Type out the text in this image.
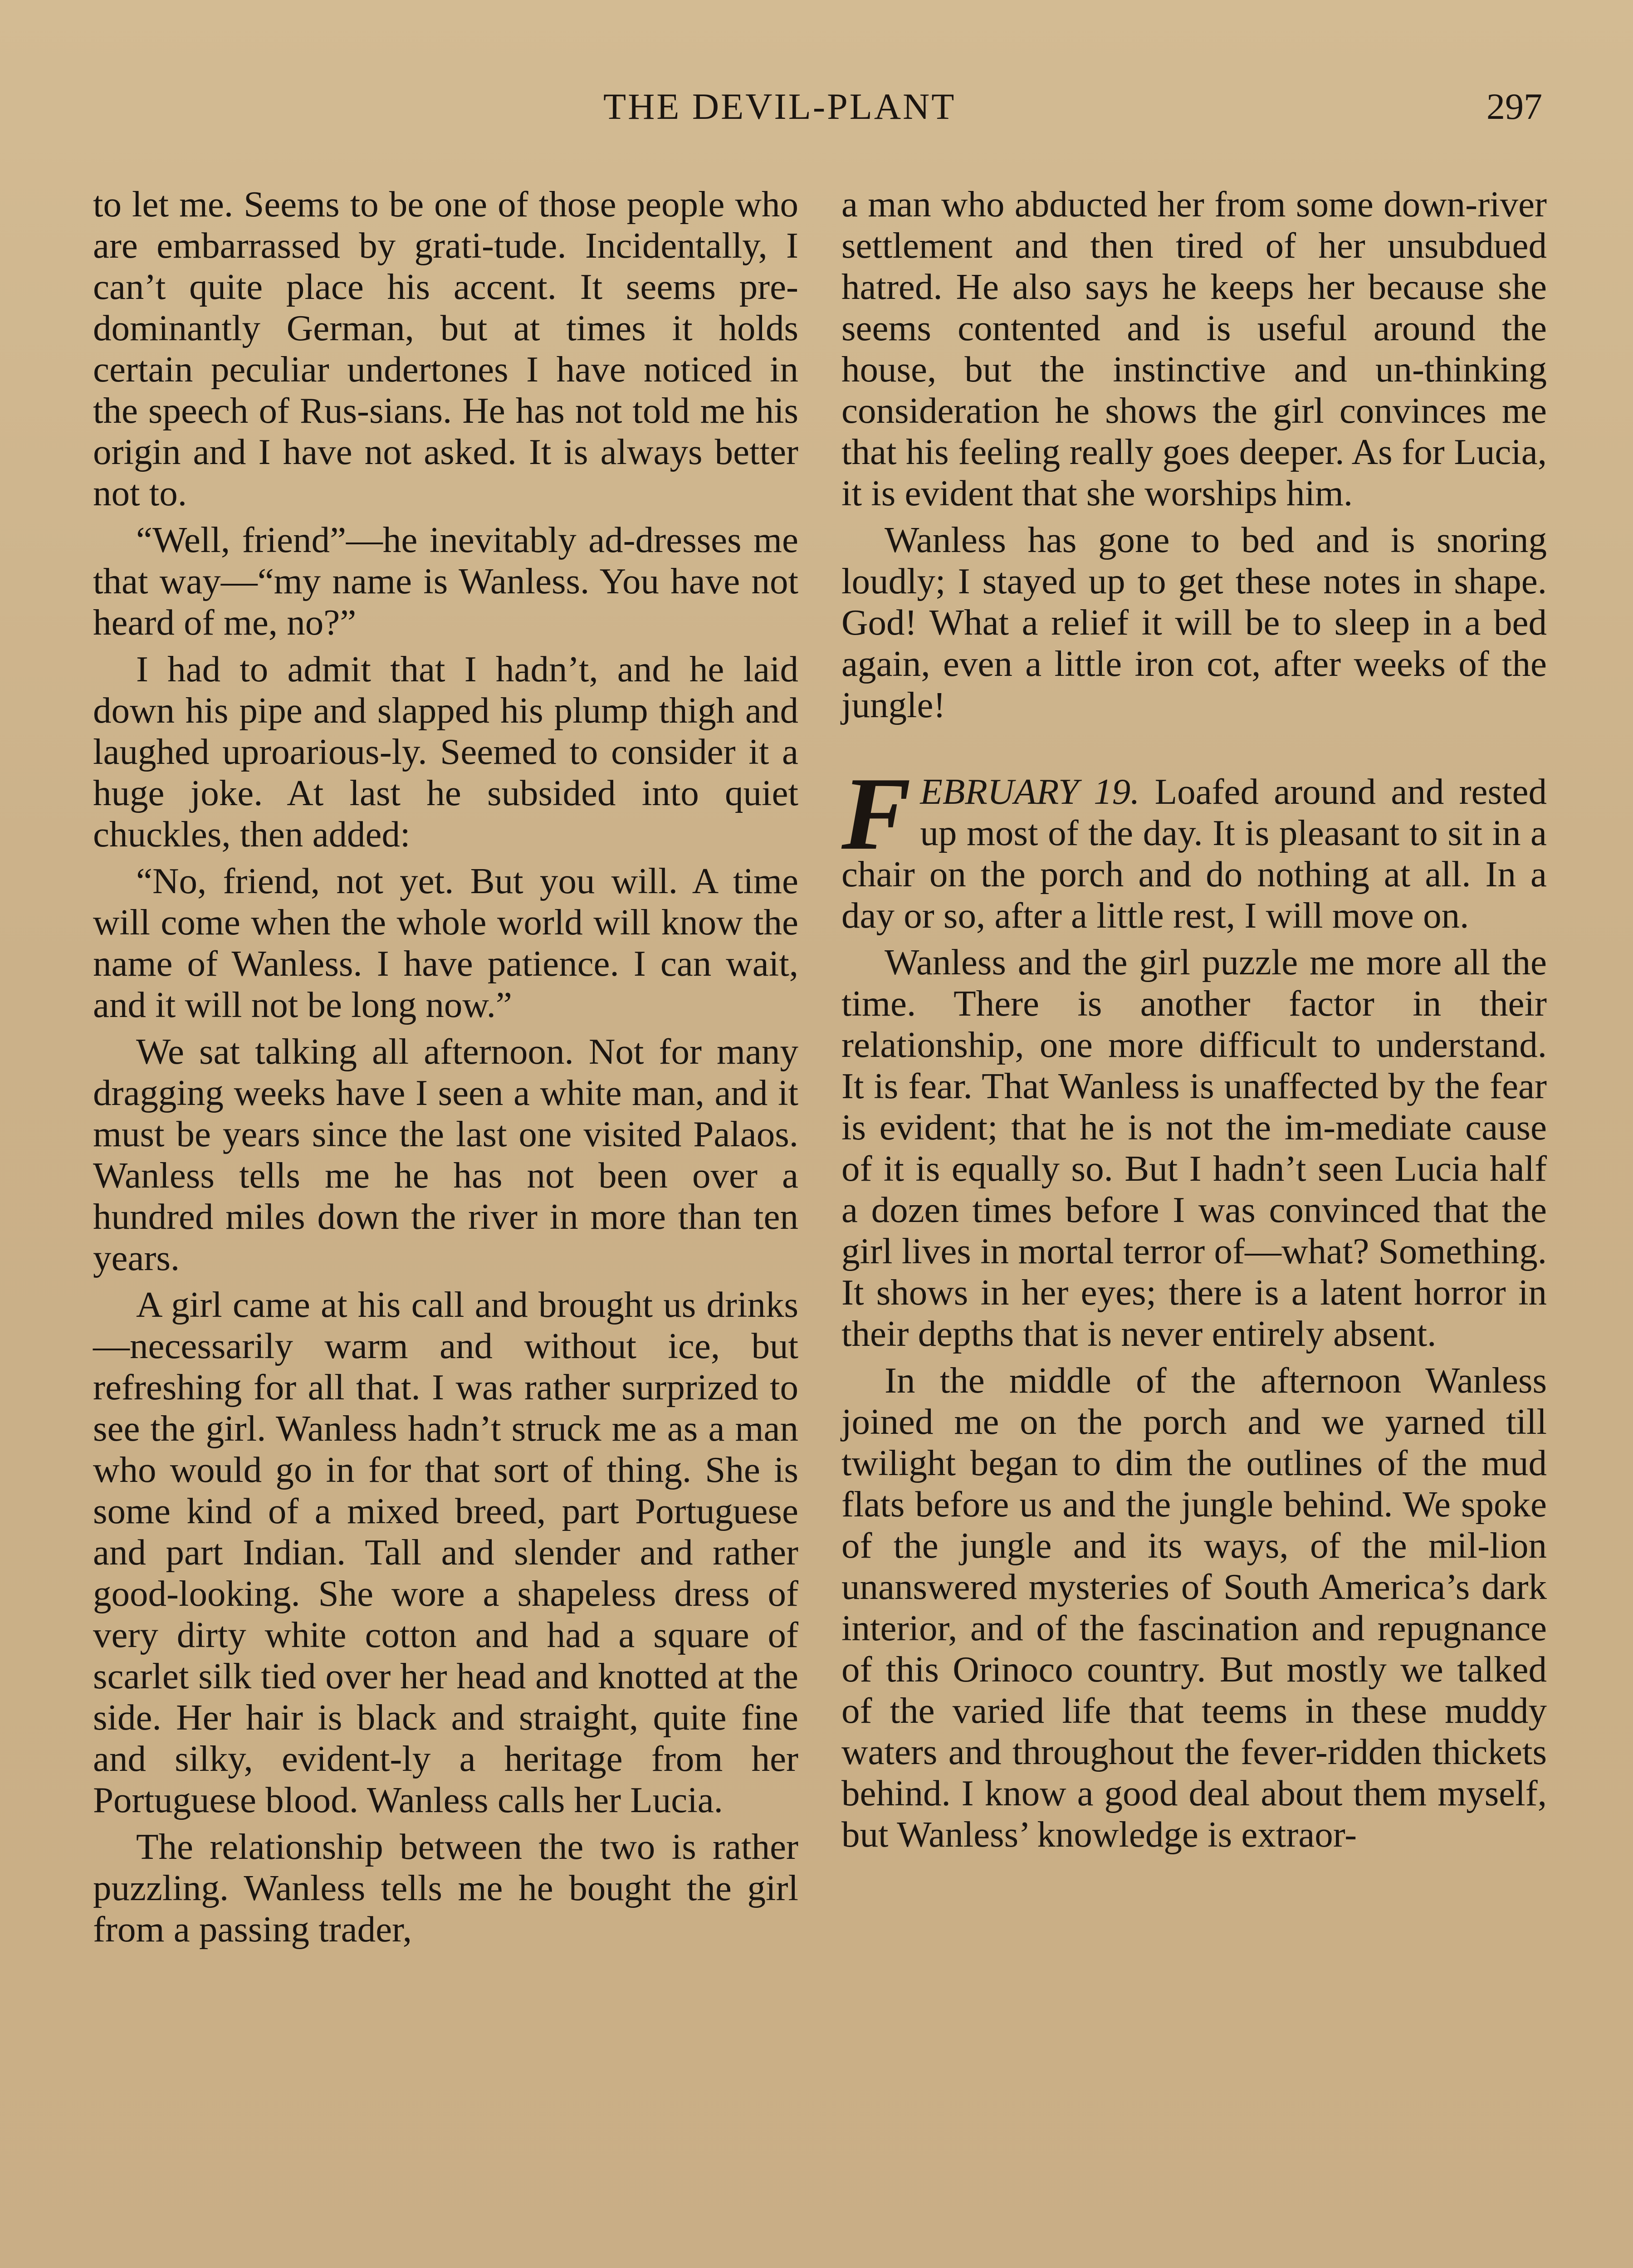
THE DEVIL-PLANT	297

to let me. Seems to be one of those people who are embarrassed by grati-tude. Incidentally, I can’t quite place his accent. It seems pre-dominantly German, but at times it holds certain peculiar undertones I have noticed in the speech of Rus-sians. He has not told me his origin and I have not asked. It is always better not to.

“Well, friend”—he inevitably ad-dresses me that way—“my name is Wanless. You have not heard of me, no?”

I had to admit that I hadn’t, and he laid down his pipe and slapped his plump thigh and laughed uproarious-ly. Seemed to consider it a huge joke. At last he subsided into quiet chuckles, then added:

“No, friend, not yet. But you will. A time will come when the whole world will know the name of Wanless. I have patience. I can wait, and it will not be long now.”

We sat talking all afternoon. Not for many dragging weeks have I seen a white man, and it must be years since the last one visited Palaos. Wanless tells me he has not been over a hundred miles down the river in more than ten years.

A girl came at his call and brought us drinks—necessarily warm and without ice, but refreshing for all that. I was rather surprized to see the girl. Wanless hadn’t struck me as a man who would go in for that sort of thing. She is some kind of a mixed breed, part Portuguese and part Indian. Tall and slender and rather good-looking. She wore a shapeless dress of very dirty white cotton and had a square of scarlet silk tied over her head and knotted at the side. Her hair is black and straight, quite fine and silky, evident-ly a heritage from her Portuguese blood. Wanless calls her Lucia.

The relationship between the two is rather puzzling. Wanless tells me he bought the girl from a passing trader,

a man who abducted her from some down-river settlement and then tired of her unsubdued hatred. He also says he keeps her because she seems contented and is useful around the house, but the instinctive and un-thinking consideration he shows the girl convinces me that his feeling really goes deeper. As for Lucia, it is evident that she worships him.

Wanless has gone to bed and is snoring loudly; I stayed up to get these notes in shape. God! What a relief it will be to sleep in a bed again, even a little iron cot, after weeks of the jungle!

FEBRUARY 19. Loafed around and rested up most of the day. It is pleasant to sit in a chair on the porch and do nothing at all. In a day or so, after a little rest, I will move on.

Wanless and the girl puzzle me more all the time. There is another factor in their relationship, one more difficult to understand. It is fear. That Wanless is unaffected by the fear is evident; that he is not the im-mediate cause of it is equally so. But I hadn’t seen Lucia half a dozen times before I was convinced that the girl lives in mortal terror of—what? Something. It shows in her eyes; there is a latent horror in their depths that is never entirely absent.

In the middle of the afternoon Wanless joined me on the porch and we yarned till twilight began to dim the outlines of the mud flats before us and the jungle behind. We spoke of the jungle and its ways, of the mil-lion unanswered mysteries of South America’s dark interior, and of the fascination and repugnance of this Orinoco country. But mostly we talked of the varied life that teems in these muddy waters and throughout the fever-ridden thickets behind. I know a good deal about them myself, but Wanless’ knowledge is extraor-
